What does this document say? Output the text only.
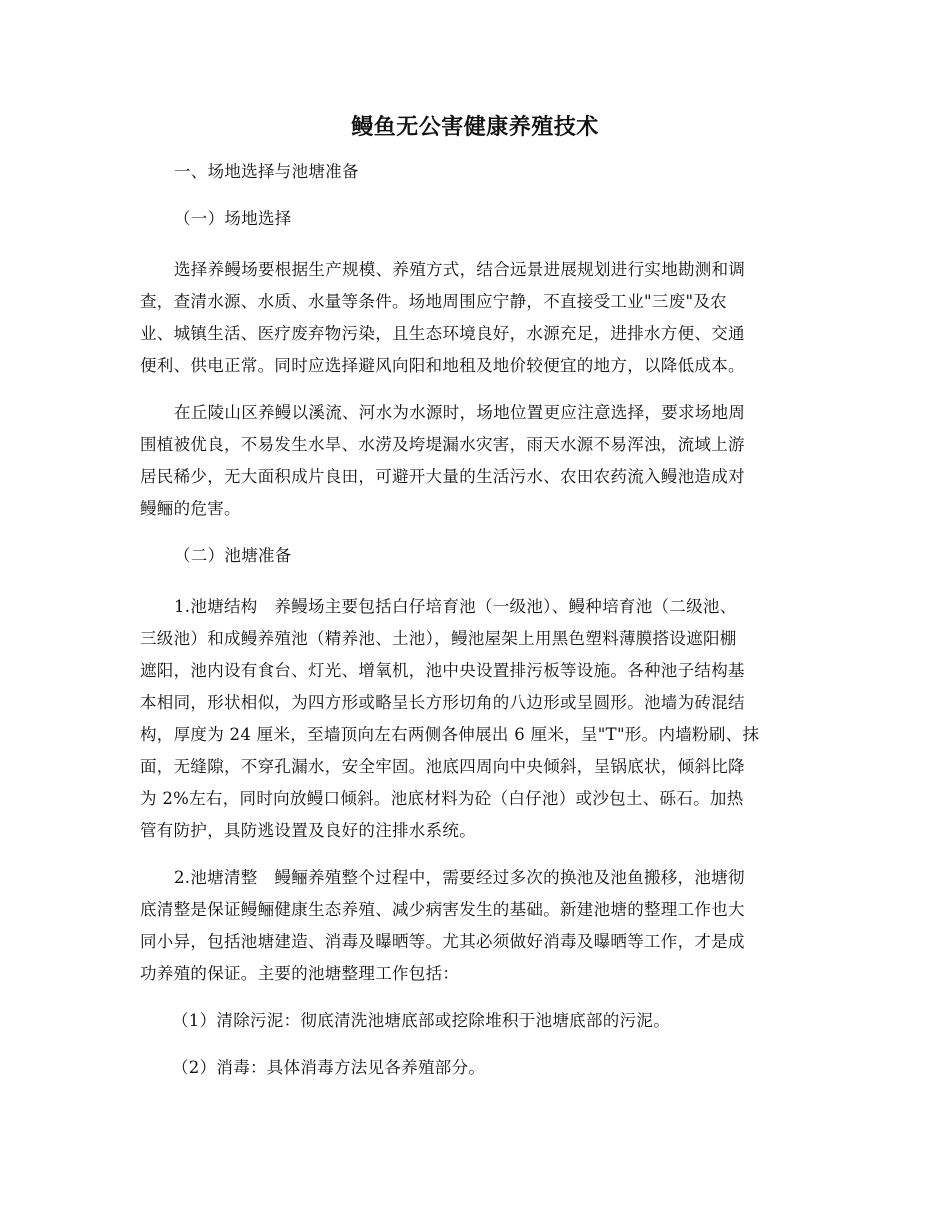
鳗鱼无公害健康养殖技术
一、场地选择与池塘准备
（一）场地选择
选择养鳗场要根据生产规模、养殖方式，结合远景进展规划进行实地勘测和调
查，查清水源、水质、水量等条件。场地周围应宁静，不直接受工业"三废"及农
业、城镇生活、医疗废弃物污染，且生态环境良好，水源充足，进排水方便、交通
便利、供电正常。同时应选择避风向阳和地租及地价较便宜的地方，以降低成本。
在丘陵山区养鳗以溪流、河水为水源时，场地位置更应注意选择，要求场地周
围植被优良，不易发生水旱、水涝及垮堤漏水灾害，雨天水源不易浑浊，流域上游
居民稀少，无大面积成片良田，可避开大量的生活污水、农田农药流入鳗池造成对
鳗鲡的危害。
（二）池塘准备
1.池塘结构　养鳗场主要包括白仔培育池（一级池）、鳗种培育池（二级池、
三级池）和成鳗养殖池（精养池、土池），鳗池屋架上用黑色塑料薄膜搭设遮阳棚
遮阳，池内设有食台、灯光、增氧机，池中央设置排污板等设施。各种池子结构基
本相同，形状相似，为四方形或略呈长方形切角的八边形或呈圆形。池墙为砖混结
构，厚度为 24 厘米，至墙顶向左右两侧各伸展出 6 厘米，呈"T"形。内墙粉刷、抹
面，无缝隙，不穿孔漏水，安全牢固。池底四周向中央倾斜，呈锅底状，倾斜比降
为 2%左右，同时向放鳗口倾斜。池底材料为砼（白仔池）或沙包土、砾石。加热
管有防护，具防逃设置及良好的注排水系统。
2.池塘清整　鳗鲡养殖整个过程中，需要经过多次的换池及池鱼搬移，池塘彻
底清整是保证鳗鲡健康生态养殖、减少病害发生的基础。新建池塘的整理工作也大
同小异，包括池塘建造、消毒及曝晒等。尤其必须做好消毒及曝晒等工作，才是成
功养殖的保证。主要的池塘整理工作包括：
（1）清除污泥：彻底清洗池塘底部或挖除堆积于池塘底部的污泥。
（2）消毒：具体消毒方法见各养殖部分。
